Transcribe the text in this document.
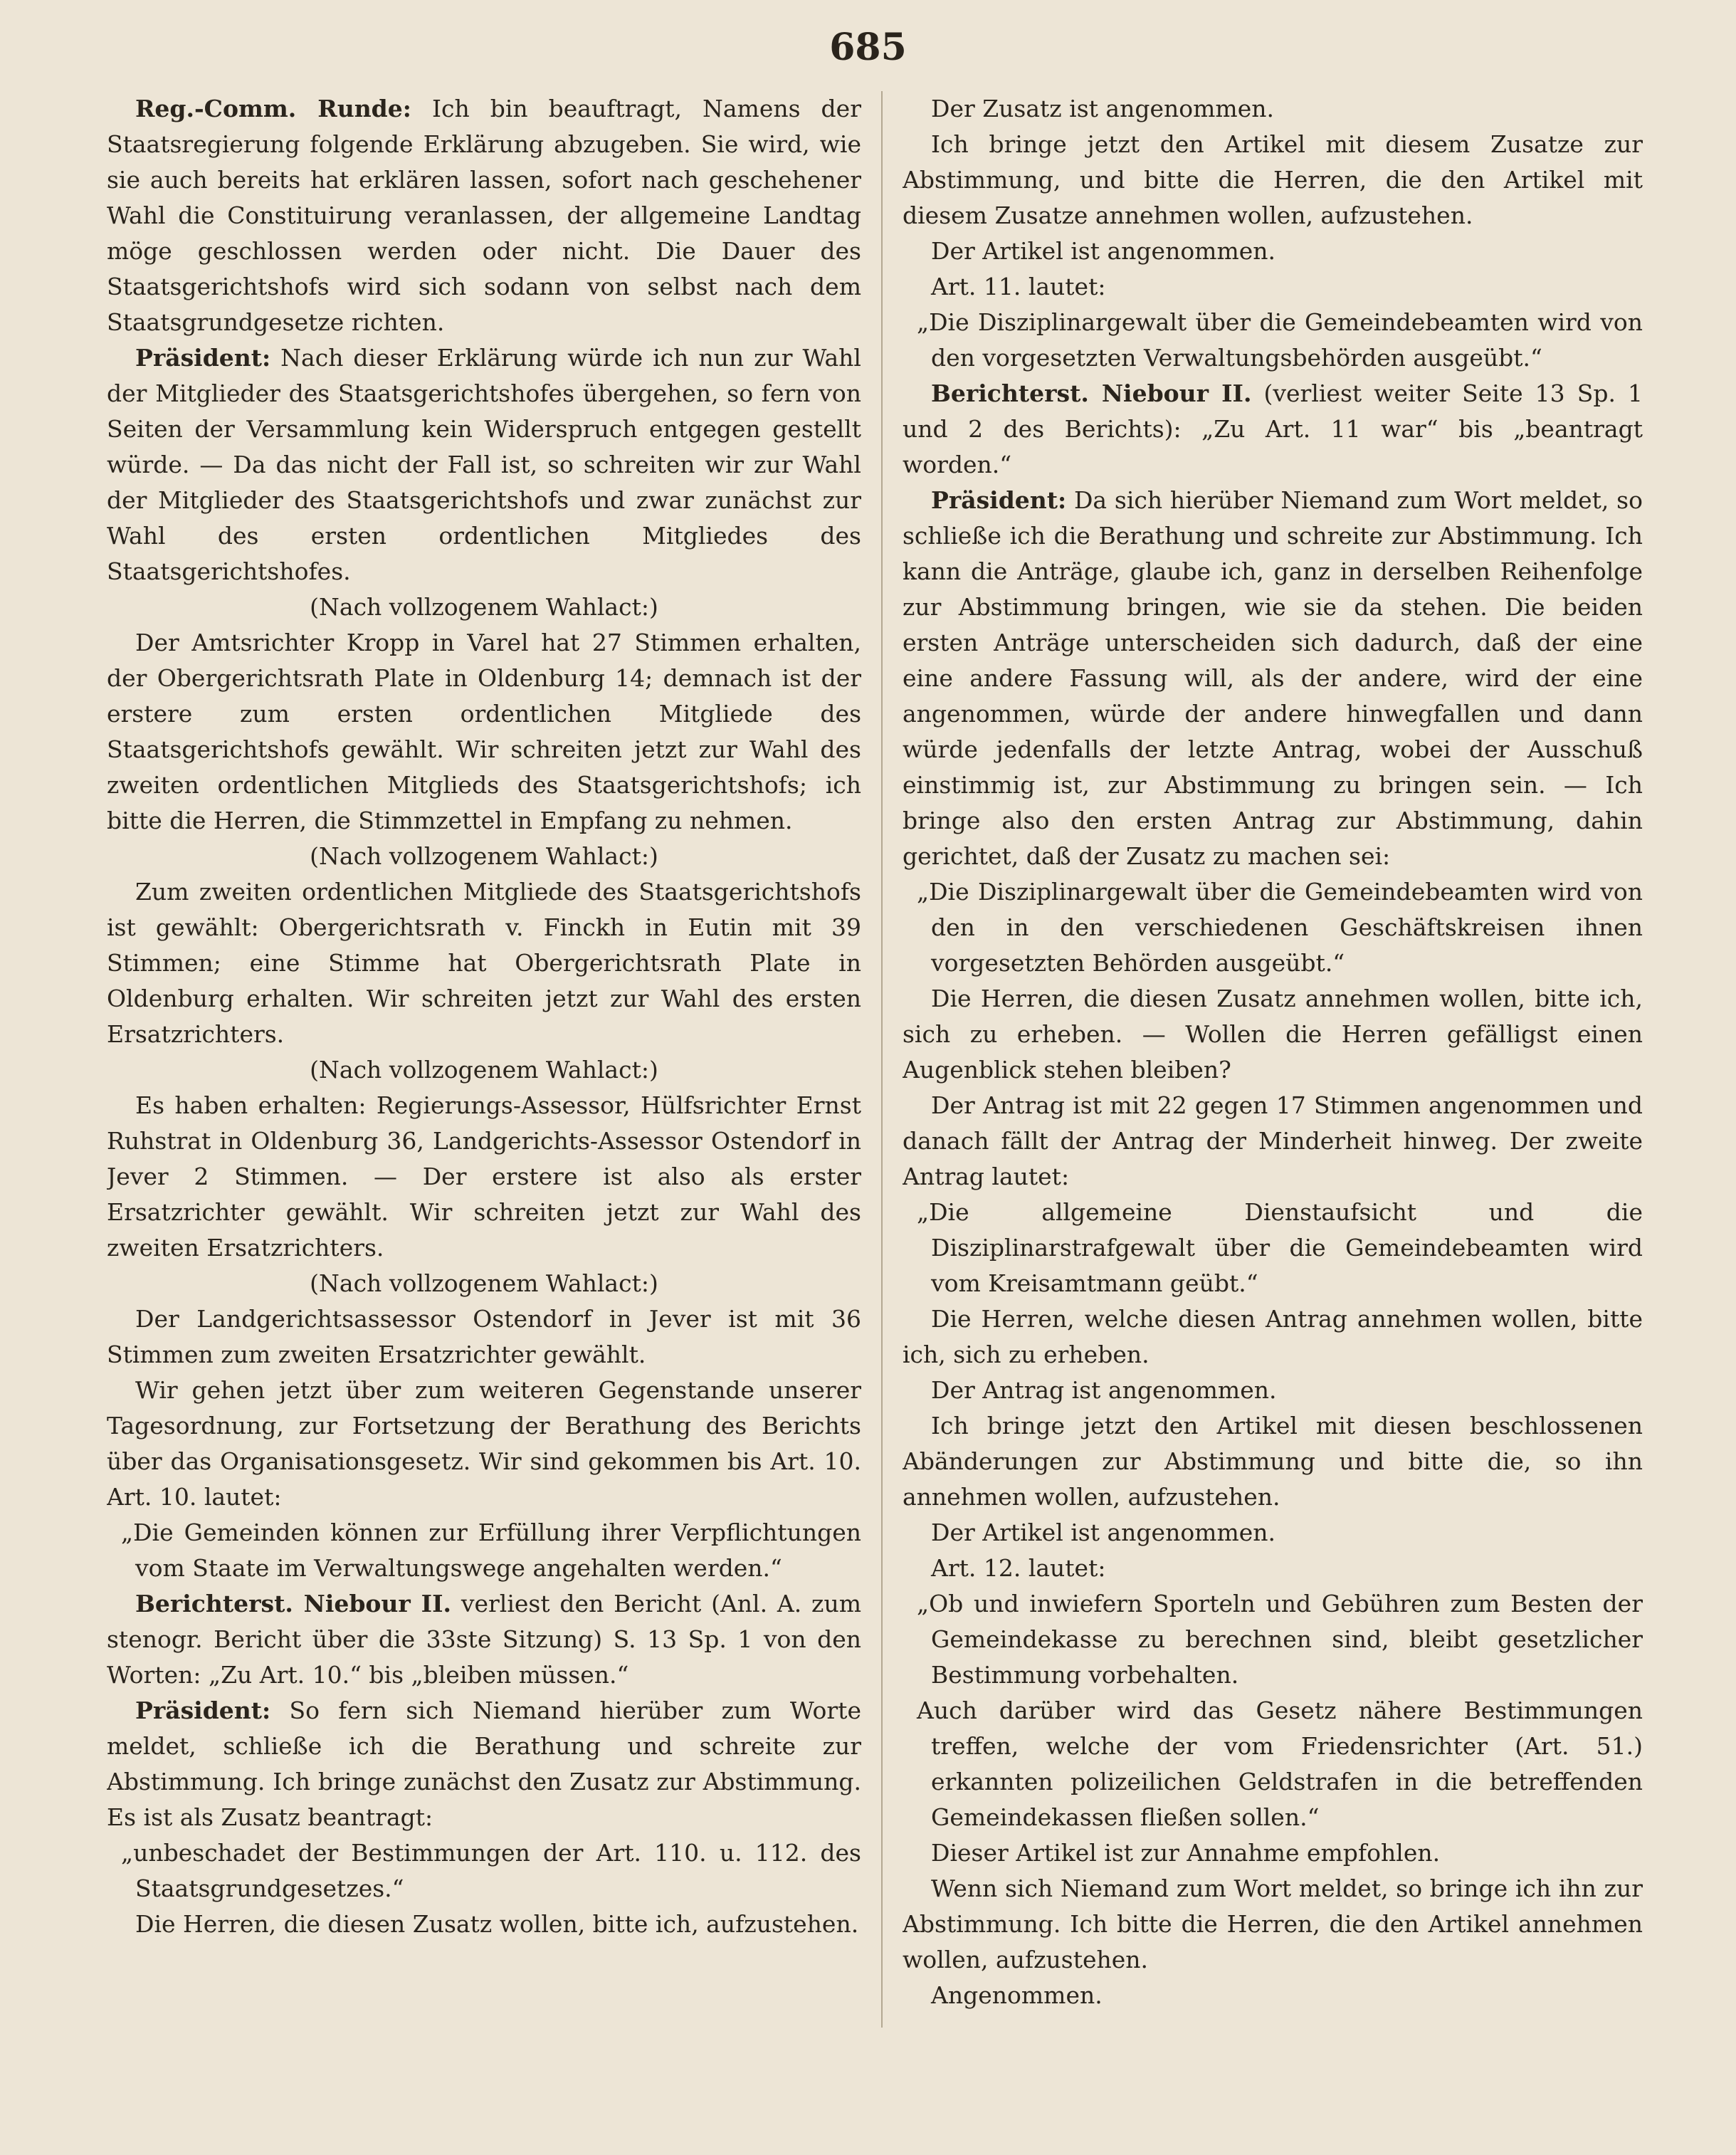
685

Reg.-Comm. Runde: Ich bin beauftragt, Namens der Staatsregierung folgende Erklärung abzugeben. Sie wird, wie sie auch bereits hat erklären lassen, sofort nach geschehener Wahl die Constituirung veranlassen, der allgemeine Landtag möge geschlossen werden oder nicht. Die Dauer des Staatsgerichtshofs wird sich sodann von selbst nach dem Staatsgrundgesetze richten.

Präsident: Nach dieser Erklärung würde ich nun zur Wahl der Mitglieder des Staatsgerichtshofes übergehen, so fern von Seiten der Versammlung kein Widerspruch entgegen gestellt würde. — Da das nicht der Fall ist, so schreiten wir zur Wahl der Mitglieder des Staatsgerichtshofs und zwar zunächst zur Wahl des ersten ordentlichen Mitgliedes des Staatsgerichtshofes.

(Nach vollzogenem Wahlact:)

Der Amtsrichter Kropp in Varel hat 27 Stimmen erhalten, der Obergerichtsrath Plate in Oldenburg 14; demnach ist der erstere zum ersten ordentlichen Mitgliede des Staatsgerichtshofs gewählt. Wir schreiten jetzt zur Wahl des zweiten ordentlichen Mitglieds des Staatsgerichtshofs; ich bitte die Herren, die Stimmzettel in Empfang zu nehmen.

(Nach vollzogenem Wahlact:)

Zum zweiten ordentlichen Mitgliede des Staatsgerichtshofs ist gewählt: Obergerichtsrath v. Finckh in Eutin mit 39 Stimmen; eine Stimme hat Obergerichtsrath Plate in Oldenburg erhalten. Wir schreiten jetzt zur Wahl des ersten Ersatzrichters.

(Nach vollzogenem Wahlact:)

Es haben erhalten: Regierungs-Assessor, Hülfsrichter Ernst Ruhstrat in Oldenburg 36, Landgerichts-Assessor Ostendorf in Jever 2 Stimmen. — Der erstere ist also als erster Ersatzrichter gewählt. Wir schreiten jetzt zur Wahl des zweiten Ersatzrichters.

(Nach vollzogenem Wahlact:)

Der Landgerichtsassessor Ostendorf in Jever ist mit 36 Stimmen zum zweiten Ersatzrichter gewählt.

Wir gehen jetzt über zum weiteren Gegenstande unserer Tagesordnung, zur Fortsetzung der Berathung des Berichts über das Organisationsgesetz. Wir sind gekommen bis Art. 10. Art. 10. lautet:

„Die Gemeinden können zur Erfüllung ihrer Verpflichtungen vom Staate im Verwaltungswege angehalten werden.“

Berichterst. Niebour II. verliest den Bericht (Anl. A. zum stenogr. Bericht über die 33ste Sitzung) S. 13 Sp. 1 von den Worten: „Zu Art. 10.“ bis „bleiben müssen.“

Präsident: So fern sich Niemand hierüber zum Worte meldet, schließe ich die Berathung und schreite zur Abstimmung. Ich bringe zunächst den Zusatz zur Abstimmung. Es ist als Zusatz beantragt:

„unbeschadet der Bestimmungen der Art. 110. u. 112. des Staatsgrundgesetzes.“

Die Herren, die diesen Zusatz wollen, bitte ich, aufzustehen.

Der Zusatz ist angenommen.

Ich bringe jetzt den Artikel mit diesem Zusatze zur Abstimmung, und bitte die Herren, die den Artikel mit diesem Zusatze annehmen wollen, aufzustehen.

Der Artikel ist angenommen.

Art. 11. lautet:

„Die Disziplinargewalt über die Gemeindebeamten wird von den vorgesetzten Verwaltungsbehörden ausgeübt.“

Berichterst. Niebour II. (verliest weiter Seite 13 Sp. 1 und 2 des Berichts): „Zu Art. 11 war“ bis „beantragt worden.“

Präsident: Da sich hierüber Niemand zum Wort meldet, so schließe ich die Berathung und schreite zur Abstimmung. Ich kann die Anträge, glaube ich, ganz in derselben Reihenfolge zur Abstimmung bringen, wie sie da stehen. Die beiden ersten Anträge unterscheiden sich dadurch, daß der eine eine andere Fassung will, als der andere, wird der eine angenommen, würde der andere hinwegfallen und dann würde jedenfalls der letzte Antrag, wobei der Ausschuß einstimmig ist, zur Abstimmung zu bringen sein. — Ich bringe also den ersten Antrag zur Abstimmung, dahin gerichtet, daß der Zusatz zu machen sei:

„Die Disziplinargewalt über die Gemeindebeamten wird von den in den verschiedenen Geschäftskreisen ihnen vorgesetzten Behörden ausgeübt.“

Die Herren, die diesen Zusatz annehmen wollen, bitte ich, sich zu erheben. — Wollen die Herren gefälligst einen Augenblick stehen bleiben?

Der Antrag ist mit 22 gegen 17 Stimmen angenommen und danach fällt der Antrag der Minderheit hinweg. Der zweite Antrag lautet:

„Die allgemeine Dienstaufsicht und die Disziplinarstrafgewalt über die Gemeindebeamten wird vom Kreisamtmann geübt.“

Die Herren, welche diesen Antrag annehmen wollen, bitte ich, sich zu erheben.

Der Antrag ist angenommen.

Ich bringe jetzt den Artikel mit diesen beschlossenen Abänderungen zur Abstimmung und bitte die, so ihn annehmen wollen, aufzustehen.

Der Artikel ist angenommen.

Art. 12. lautet:

„Ob und inwiefern Sporteln und Gebühren zum Besten der Gemeindekasse zu berechnen sind, bleibt gesetzlicher Bestimmung vorbehalten.

Auch darüber wird das Gesetz nähere Bestimmungen treffen, welche der vom Friedensrichter (Art. 51.) erkannten polizeilichen Geldstrafen in die betreffenden Gemeindekassen fließen sollen.“

Dieser Artikel ist zur Annahme empfohlen.

Wenn sich Niemand zum Wort meldet, so bringe ich ihn zur Abstimmung. Ich bitte die Herren, die den Artikel annehmen wollen, aufzustehen.

Angenommen.
